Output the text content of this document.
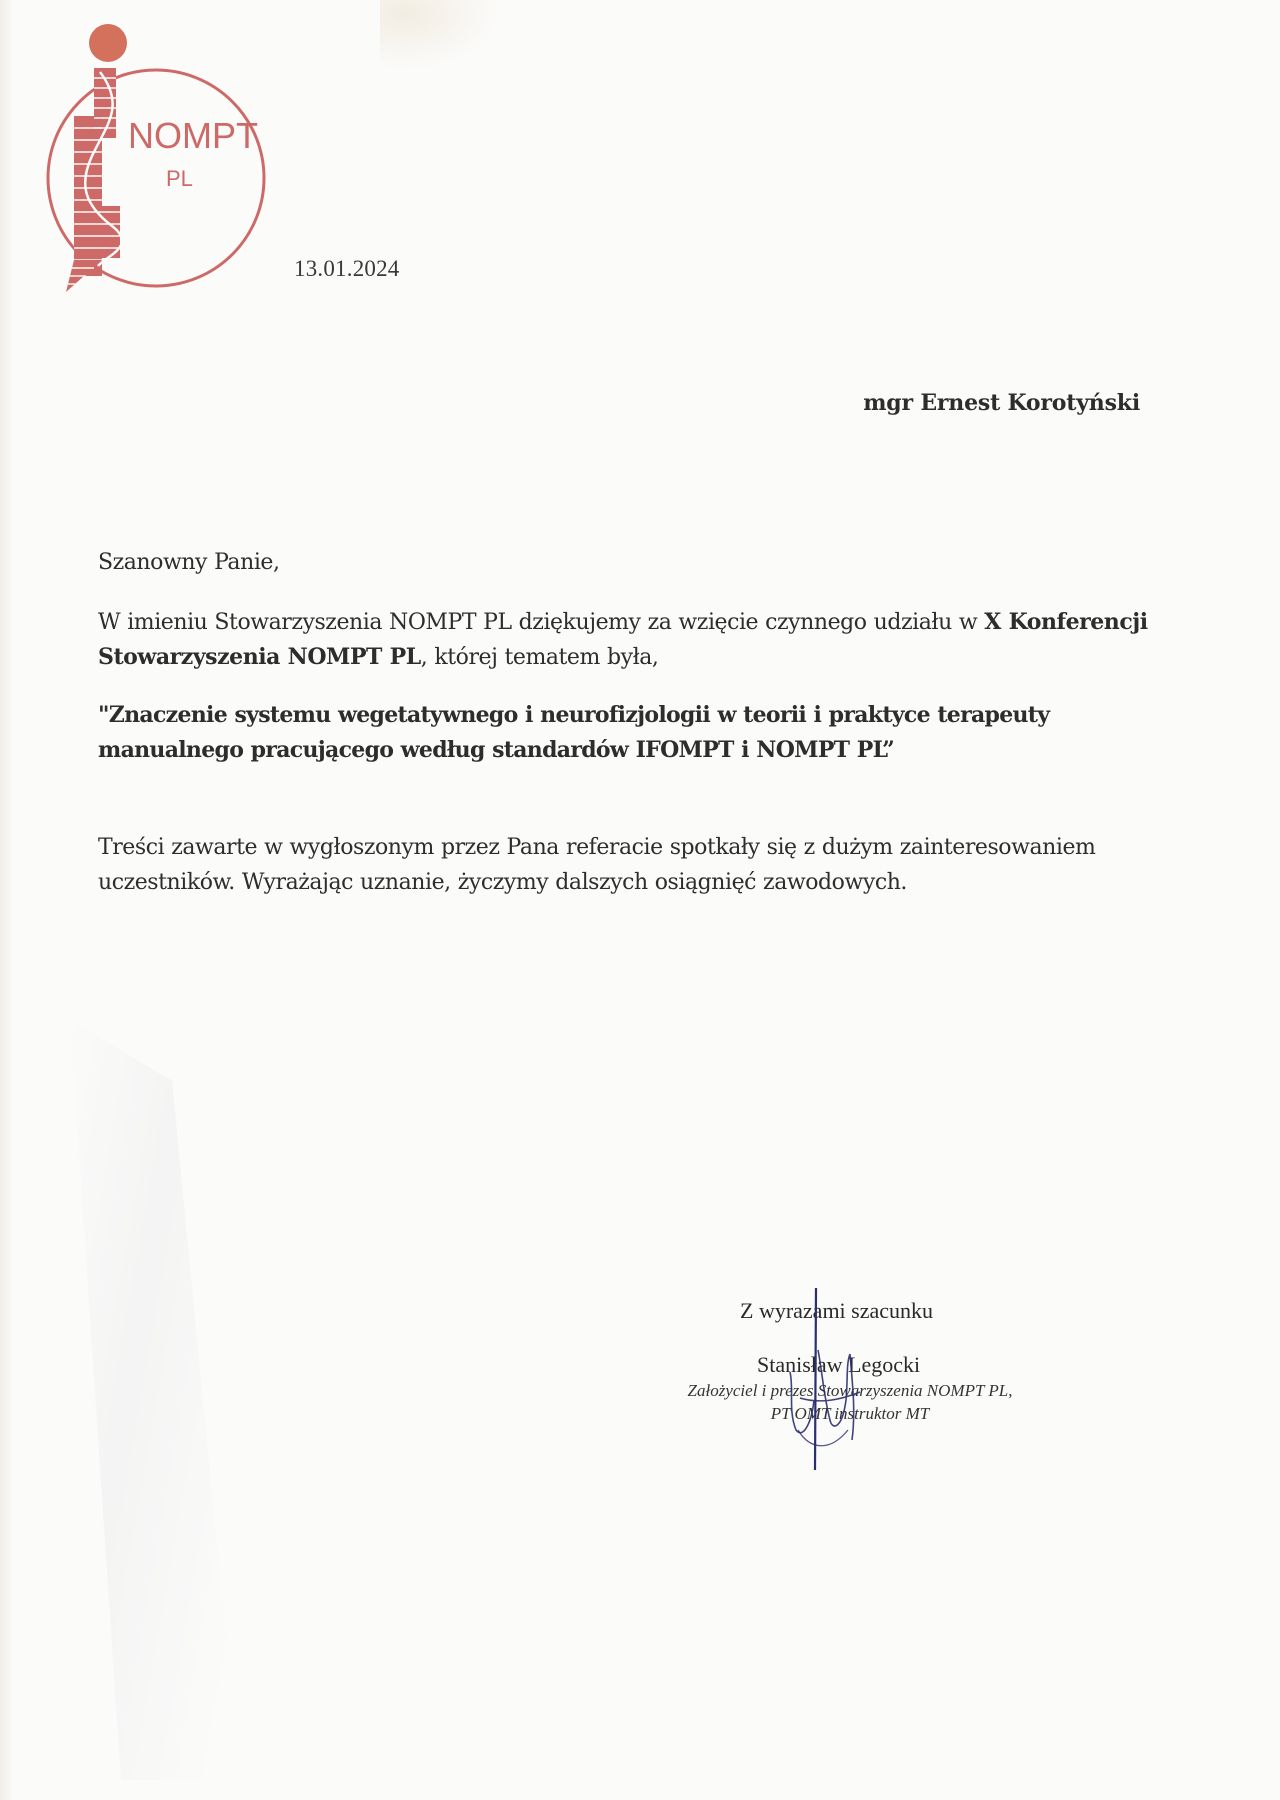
NOMPT
PL
13.01.2024
mgr Ernest Korotyński
Szanowny Panie,
W imieniu Stowarzyszenia NOMPT PL dziękujemy za wzięcie czynnego udziału w X Konferencji Stowarzyszenia NOMPT PL, której tematem była,
"Znaczenie systemu wegetatywnego i neurofizjologii w teorii i praktyce terapeuty manualnego pracującego według standardów IFOMPT i NOMPT PL”
Treści zawarte w wygłoszonym przez Pana referacie spotkały się z dużym zainteresowaniem uczestników. Wyrażając uznanie, życzymy dalszych osiągnięć zawodowych.
Z wyrazami szacunku
Stanisław Legocki
Założyciel i prezes Stowarzyszenia NOMPT PL,
PT OMT instruktor MT
